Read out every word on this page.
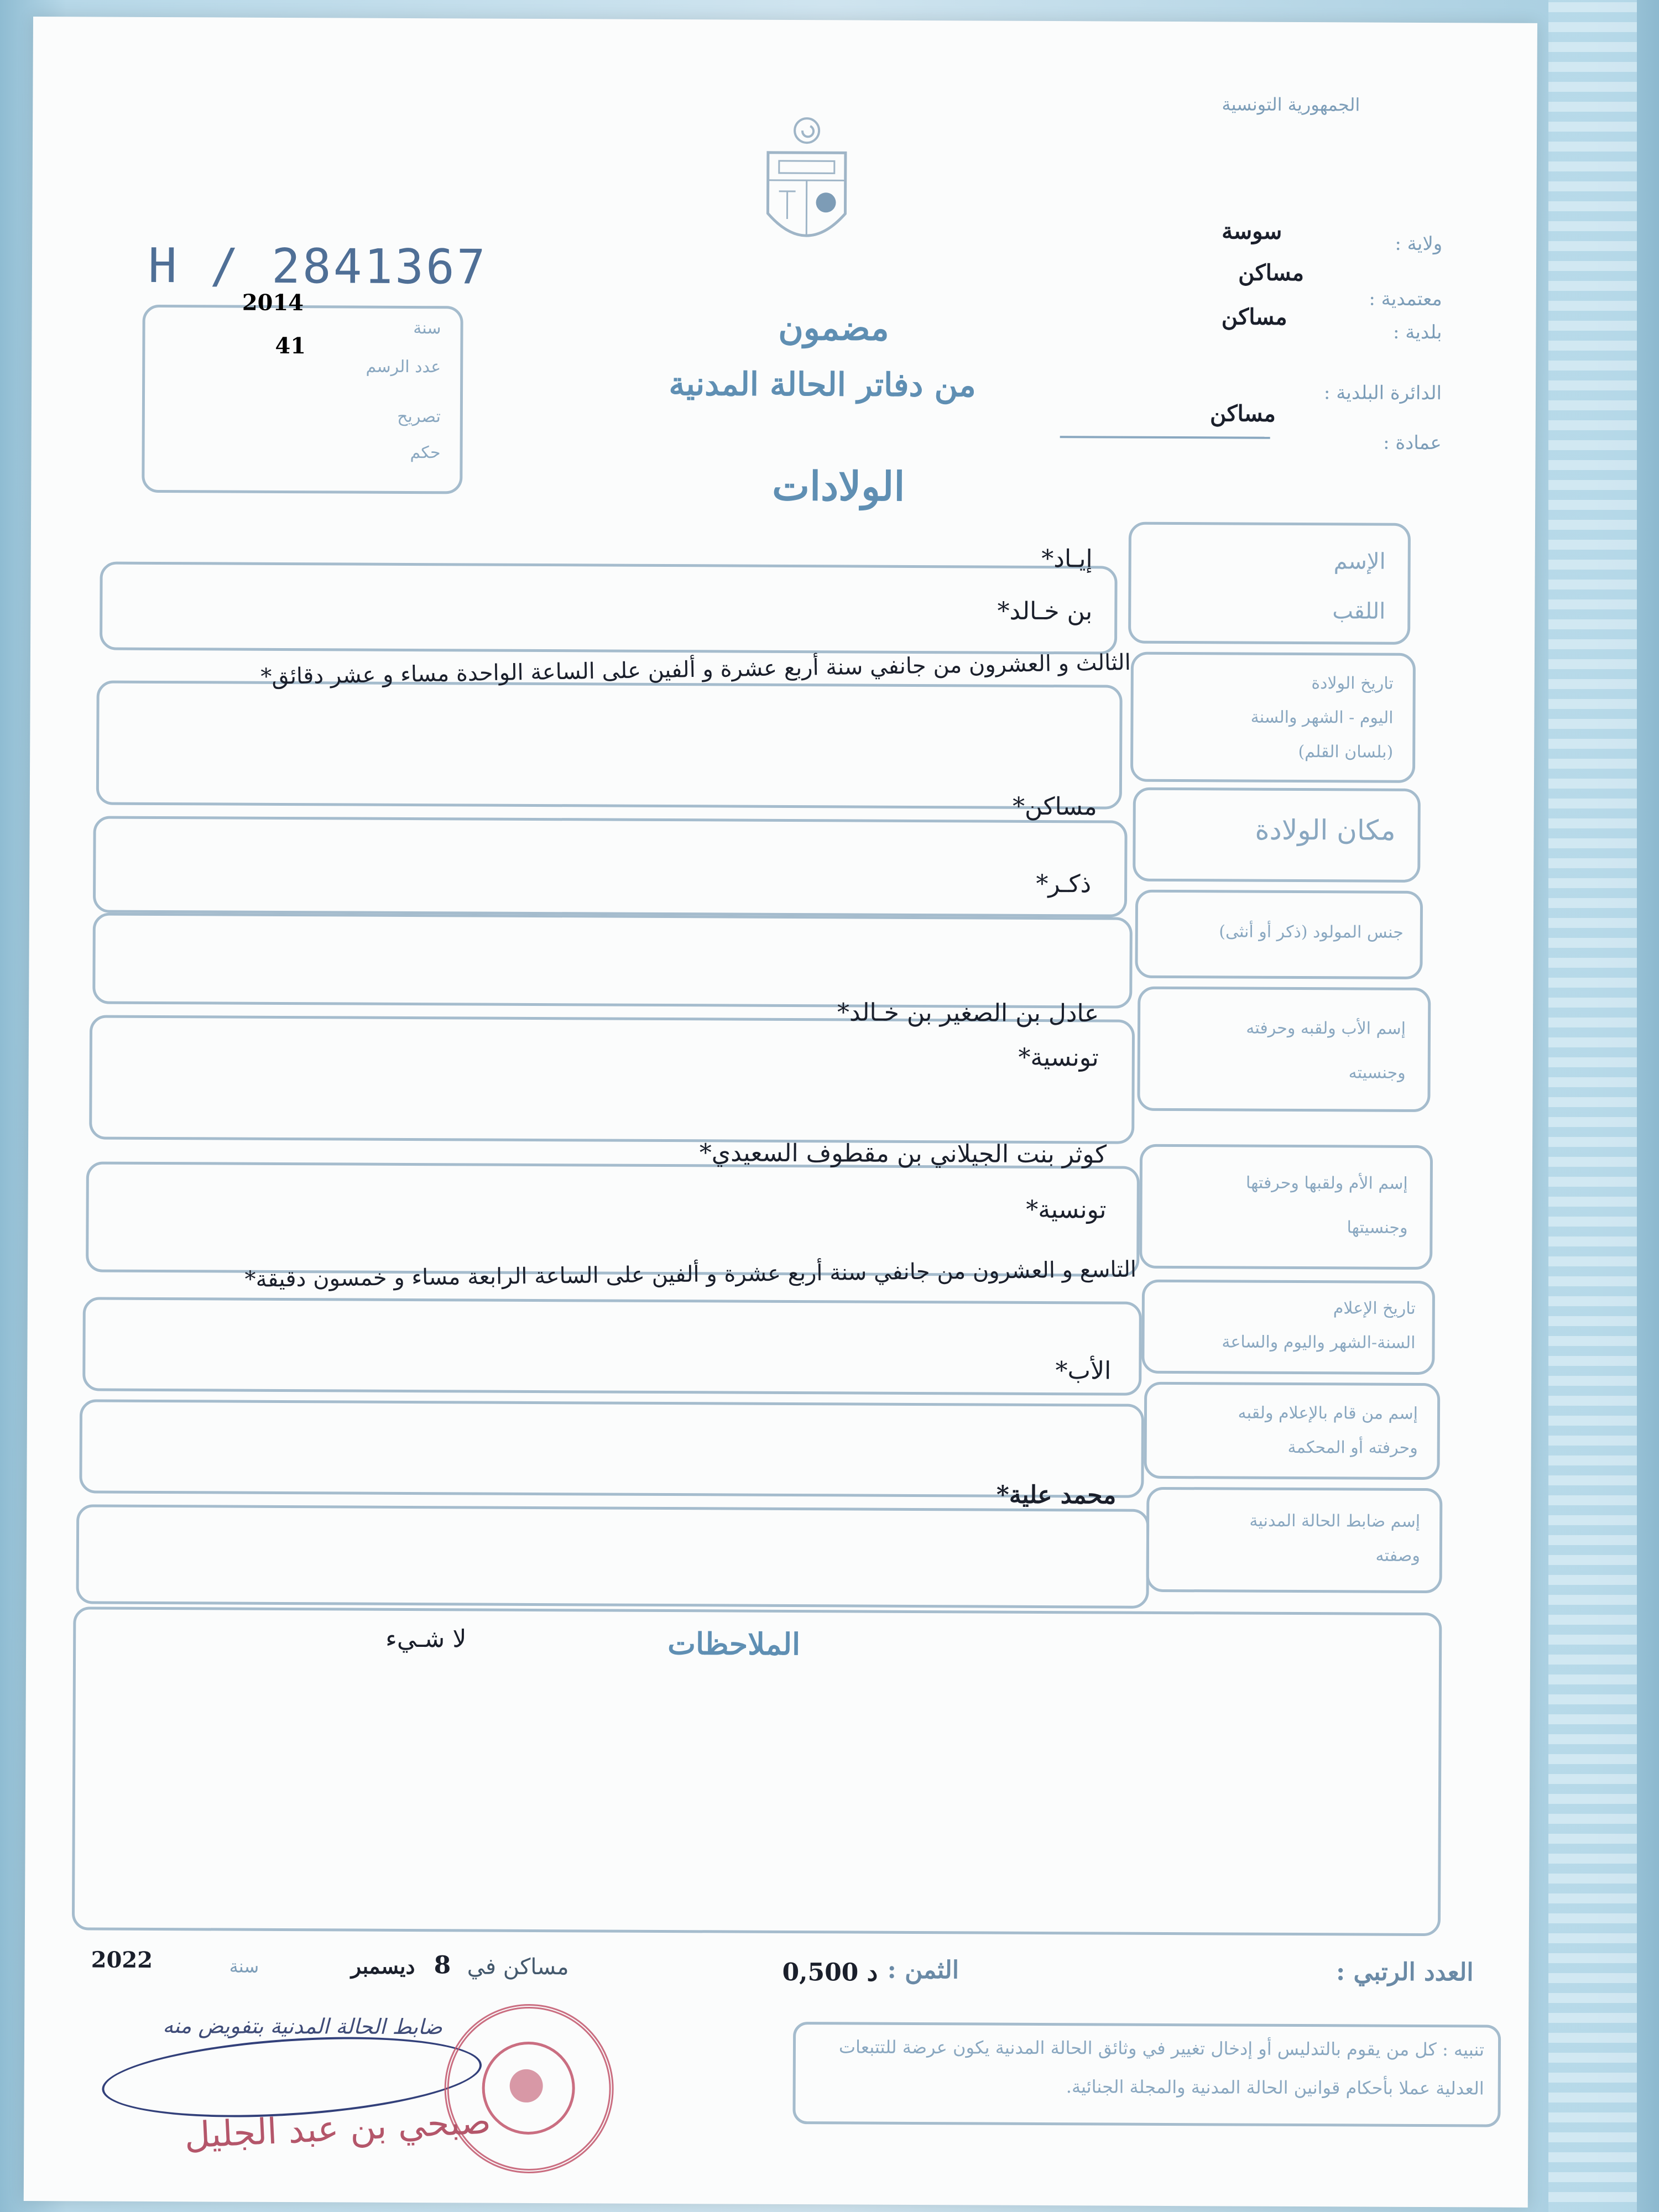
الجمهورية التونسية
ولاية :
سوسة
معتمدية :
مساكن
بلدية :
مساكن
الدائرة البلدية :
مساكن
عمادة :
H / 2841367
سنة
2014
عدد الرسم
41
تصريح
حكم
مضمون
من دفاتر الحالة المدنية
الولادات
الإسم
اللقب
تاريخ الولادة
اليوم - الشهر والسنة
(بلسان القلم)
مكان الولادة
جنس المولود (ذكر أو أنثى)
إسم الأب ولقبه وحرفته
وجنسيته
إسم الأم ولقبها وحرفتها
وجنسيتها
تاريخ الإعلام
السنة-الشهر واليوم والساعة
إسم من قام بالإعلام ولقبه
وحرفته أو المحكمة
إسم ضابط الحالة المدنية
وصفته
إيـاد*
بن خـالد*
الثالث و العشرون من جانفي سنة أربع عشرة و ألفين على الساعة الواحدة مساء و عشر دقائق*
مساكن*
ذكـر*
عادل بن الصغير بن خـالد*
تونسية*
كوثر بنت الجيلاني بن مقطوف السعيدي*
تونسية*
التاسع و العشرون من جانفي سنة أربع عشرة و ألفين على الساعة الرابعة مساء و خمسون دقيقة*
الأب*
محمد علية*
الملاحظات
لا شـيء
العدد الرتبي :
الثمن :
0,500 د
مساكن في
8
ديسمبر
سنة
2022
تنبيه : كل من يقوم بالتدليس أو إدخال تغيير في وثائق الحالة المدنية يكون عرضة للتتبعات العدلية عملا بأحكام قوانين الحالة المدنية والمجلة الجنائية.
ضابط الحالة المدنية بتفويض منه
صبحي بن عبد الجليل
